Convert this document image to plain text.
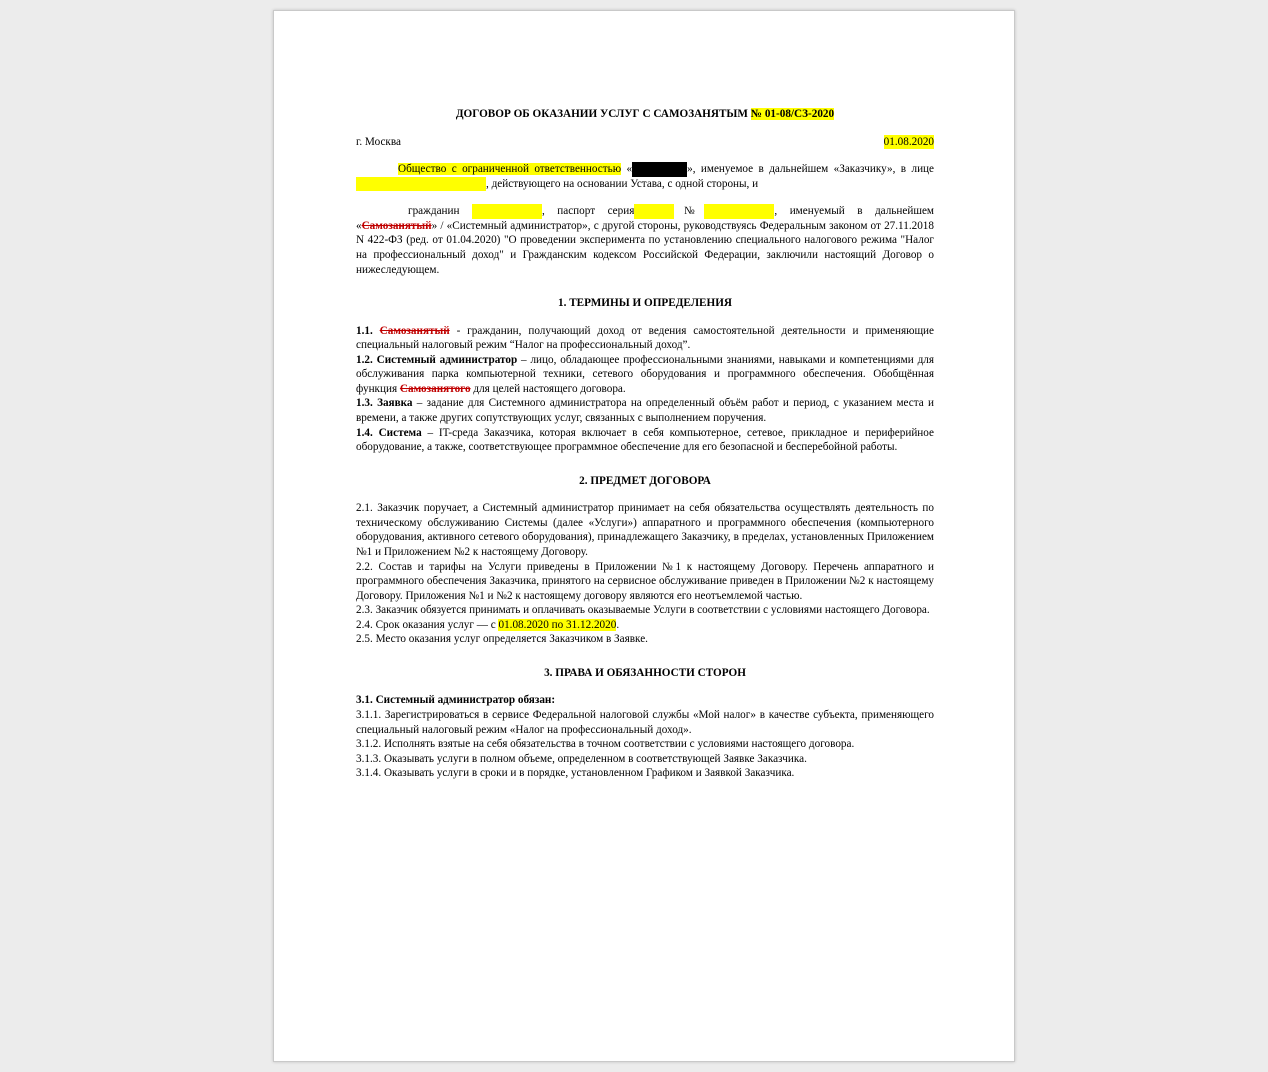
ДОГОВОР ОБ ОКАЗАНИИ УСЛУГ С САМОЗАНЯТЫМ № 01-08/СЗ-2020
г. Москва	01.08.2020
Общество с ограниченной ответственностью «	», именуемое в дальнейшем «Заказчику», в лице  , действующего на основании Устава, с одной стороны, и
гражданин	, паспорт серия	№	, именуемый в дальнейшем «Самозанятый» / «Системный администратор», с другой стороны, руководствуясь Федеральным законом от 27.11.2018 N 422-ФЗ (ред. от 01.04.2020) "О проведении эксперимента по установлению специального налогового режима "Налог на профессиональный доход" и Гражданским кодексом Российской Федерации, заключили настоящий Договор о нижеследующем.
1. ТЕРМИНЫ И ОПРЕДЕЛЕНИЯ
1.1. Самозанятый - гражданин, получающий доход от ведения самостоятельной деятельности и применяющие специальный налоговый режим “Налог на профессиональный доход”.
1.2. Системный администратор – лицо, обладающее профессиональными знаниями, навыками и компетенциями для обслуживания парка компьютерной техники, сетевого оборудования и программного обеспечения. Обобщённая функция Самозанятого для целей настоящего договора.
1.3. Заявка – задание для Системного администратора на определенный объём работ и период, с указанием места и времени, а также других сопутствующих услуг, связанных с выполнением поручения.
1.4. Система – IT-среда Заказчика, которая включает в себя компьютерное, сетевое, прикладное и периферийное оборудование, а также, соответствующее программное обеспечение для его безопасной и бесперебойной работы.
2. ПРЕДМЕТ ДОГОВОРА
2.1. Заказчик поручает, а Системный администратор принимает на себя обязательства осуществлять деятельность по техническому обслуживанию Системы (далее «Услуги») аппаратного и программного обеспечения (компьютерного оборудования, активного сетевого оборудования), принадлежащего Заказчику, в пределах, установленных Приложением №1 и Приложением №2 к настоящему Договору.
2.2. Состав и тарифы на Услуги приведены в Приложении №1 к настоящему Договору. Перечень аппаратного и программного обеспечения Заказчика, принятого на сервисное обслуживание приведен в Приложении №2 к настоящему Договору. Приложения №1 и №2 к настоящему договору являются его неотъемлемой частью.
2.3. Заказчик обязуется принимать и оплачивать оказываемые Услуги в соответствии с условиями настоящего Договора.
2.4. Срок оказания услуг — с 01.08.2020 по 31.12.2020.
2.5. Место оказания услуг определяется Заказчиком в Заявке.
3. ПРАВА И ОБЯЗАННОСТИ СТОРОН
3.1. Системный администратор обязан:
3.1.1. Зарегистрироваться в сервисе Федеральной налоговой службы «Мой налог» в качестве субъекта, применяющего специальный налоговый режим «Налог на профессиональный доход».
3.1.2. Исполнять взятые на себя обязательства в точном соответствии с условиями настоящего договора.
3.1.3. Оказывать услуги в полном объеме, определенном в соответствующей Заявке Заказчика.
3.1.4. Оказывать услуги в сроки и в порядке, установленном Графиком и Заявкой Заказчика.
